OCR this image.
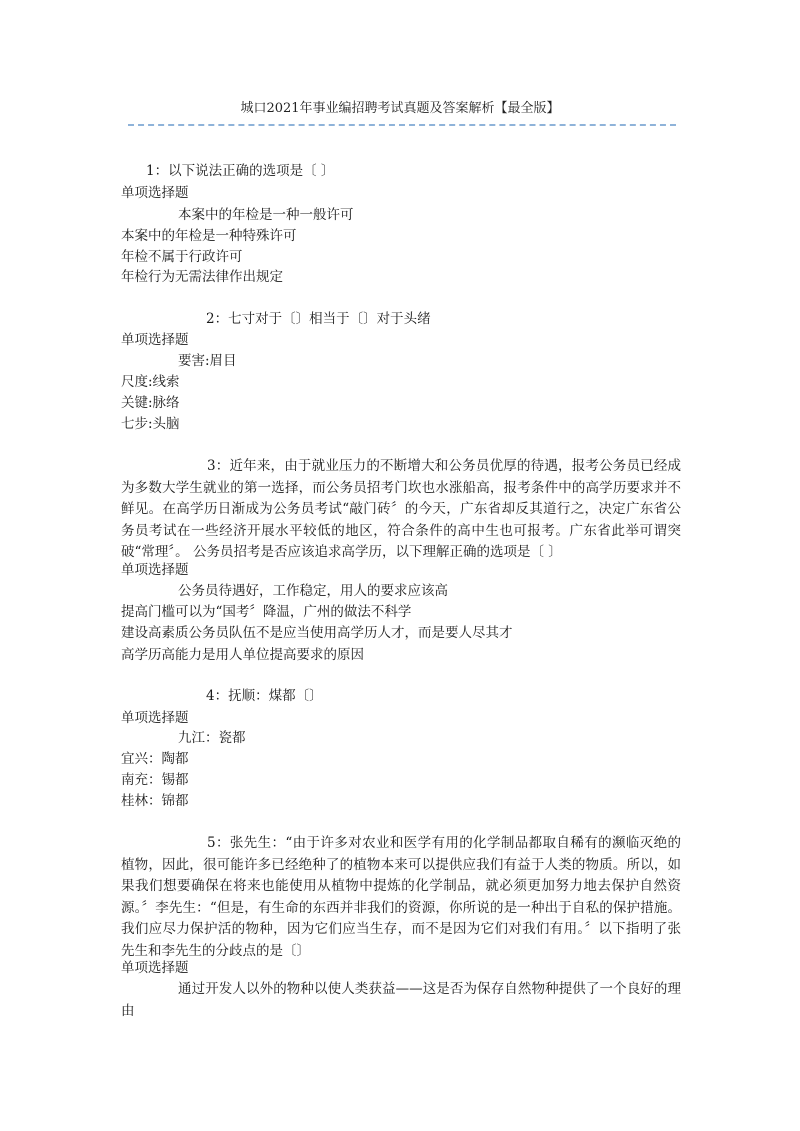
城口2021年事业编招聘考试真题及答案解析【最全版】
1：以下说法正确的选项是〔 〕
单项选择题
本案中的年检是一种一般许可
本案中的年检是一种特殊许可
年检不属于行政许可
年检行为无需法律作出规定
2：七寸对于〔〕相当于〔〕对于头绪
单项选择题
要害:眉目
尺度:线索
关键:脉络
七步:头脑
3：近年来，由于就业压力的不断增大和公务员优厚的待遇，报考公务员已经成为多数大学生就业的第一选择，而公务员招考门坎也水涨船高，报考条件中的高学历要求并不鲜见。在高学历日渐成为公务员考试“敲门砖〞的今天，广东省却反其道行之，决定广东省公务员考试在一些经济开展水平较低的地区，符合条件的高中生也可报考。广东省此举可谓突破“常理〞。 公务员招考是否应该追求高学历，以下理解正确的选项是〔 〕
单项选择题
公务员待遇好，工作稳定，用人的要求应该高
提高门槛可以为“国考〞降温，广州的做法不科学
建设高素质公务员队伍不是应当使用高学历人才，而是要人尽其才
高学历高能力是用人单位提高要求的原因
4：抚顺：煤都〔〕
单项选择题
九江：瓷都
宜兴：陶都
南充：锡都
桂林：锦都
5：张先生：“由于许多对农业和医学有用的化学制品都取自稀有的濒临灭绝的植物，因此，很可能许多已经绝种了的植物本来可以提供应我们有益于人类的物质。所以，如果我们想要确保在将来也能使用从植物中提炼的化学制品，就必须更加努力地去保护自然资源。〞李先生：“但是，有生命的东西并非我们的资源，你所说的是一种出于自私的保护措施。我们应尽力保护活的物种，因为它们应当生存，而不是因为它们对我们有用。〞以下指明了张先生和李先生的分歧点的是〔〕
单项选择题
通过开发人以外的物种以使人类获益——这是否为保存自然物种提供了一个良好的理由
